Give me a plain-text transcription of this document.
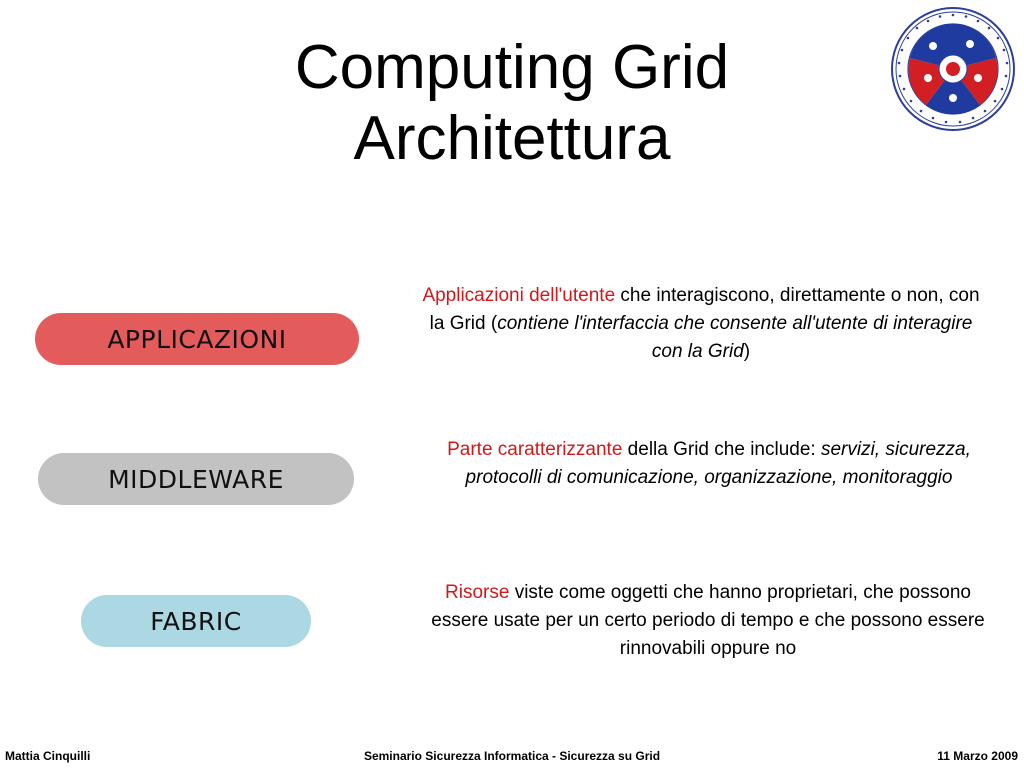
Computing Grid
Architettura
APPLICAZIONI
MIDDLEWARE
FABRIC
Applicazioni dell'utente che interagiscono, direttamente o non, con la Grid (contiene l'interfaccia che consente all'utente di interagire con la Grid)
Parte caratterizzante della Grid che include: servizi, sicurezza, protocolli di comunicazione, organizzazione, monitoraggio
Risorse viste come oggetti che hanno proprietari, che possono essere usate per un certo periodo di tempo e che possono essere rinnovabili oppure no
Mattia Cinquilli	Seminario Sicurezza Informatica - Sicurezza su Grid	11 Marzo 2009
